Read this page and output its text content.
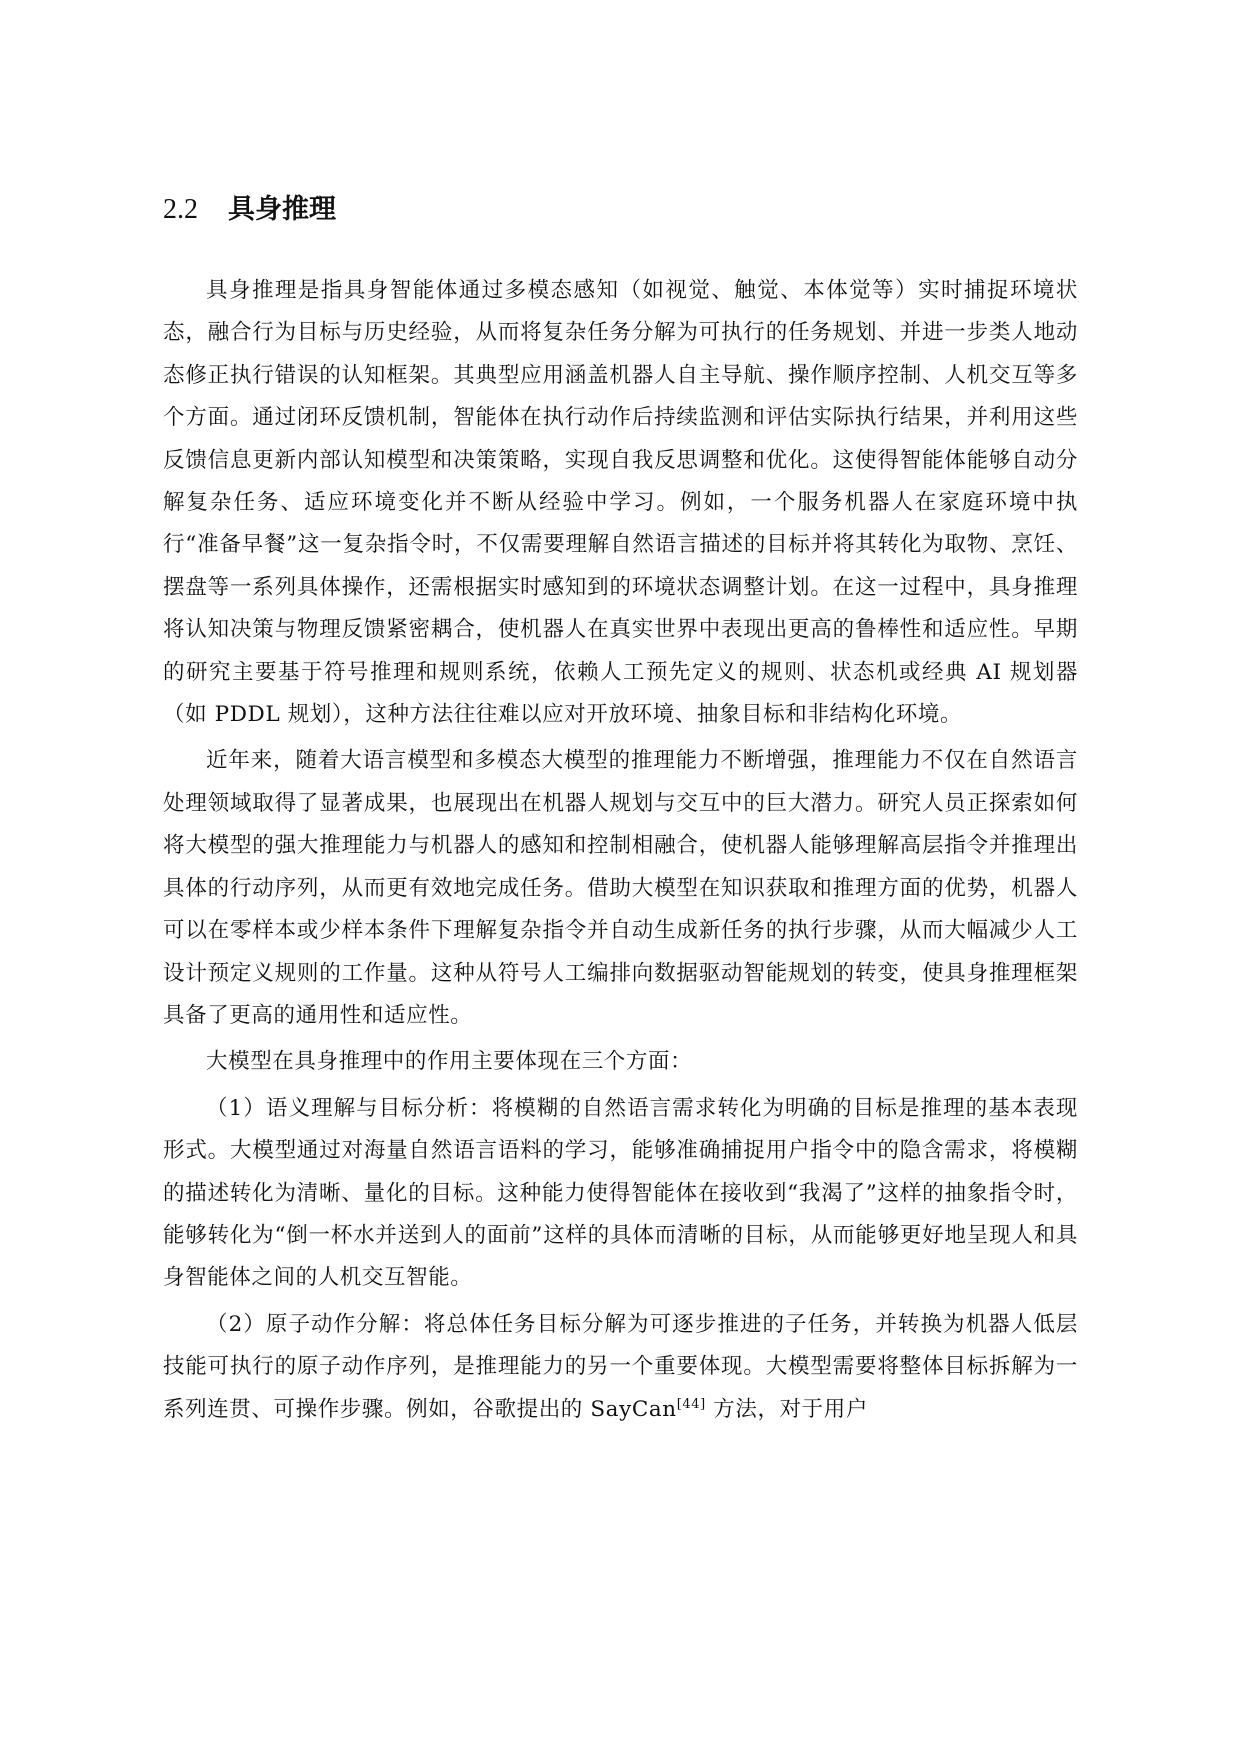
2.2 具身推理

具身推理是指具身智能体通过多模态感知（如视觉、触觉、本体觉等）实时捕捉环境状态，融合行为目标与历史经验，从而将复杂任务分解为可执行的任务规划、并进一步类人地动态修正执行错误的认知框架。其典型应用涵盖机器人自主导航、操作顺序控制、人机交互等多个方面。通过闭环反馈机制，智能体在执行动作后持续监测和评估实际执行结果，并利用这些反馈信息更新内部认知模型和决策策略，实现自我反思调整和优化。这使得智能体能够自动分解复杂任务、适应环境变化并不断从经验中学习。例如，一个服务机器人在家庭环境中执行“准备早餐”这一复杂指令时，不仅需要理解自然语言描述的目标并将其转化为取物、烹饪、摆盘等一系列具体操作，还需根据实时感知到的环境状态调整计划。在这一过程中，具身推理将认知决策与物理反馈紧密耦合，使机器人在真实世界中表现出更高的鲁棒性和适应性。早期的研究主要基于符号推理和规则系统，依赖人工预先定义的规则、状态机或经典 AI 规划器（如 PDDL 规划），这种方法往往难以应对开放环境、抽象目标和非结构化环境。

近年来，随着大语言模型和多模态大模型的推理能力不断增强，推理能力不仅在自然语言处理领域取得了显著成果，也展现出在机器人规划与交互中的巨大潜力。研究人员正探索如何将大模型的强大推理能力与机器人的感知和控制相融合，使机器人能够理解高层指令并推理出具体的行动序列，从而更有效地完成任务。借助大模型在知识获取和推理方面的优势，机器人可以在零样本或少样本条件下理解复杂指令并自动生成新任务的执行步骤，从而大幅减少人工设计预定义规则的工作量。这种从符号人工编排向数据驱动智能规划的转变，使具身推理框架具备了更高的通用性和适应性。

大模型在具身推理中的作用主要体现在三个方面：

（1）语义理解与目标分析：将模糊的自然语言需求转化为明确的目标是推理的基本表现形式。大模型通过对海量自然语言语料的学习，能够准确捕捉用户指令中的隐含需求，将模糊的描述转化为清晰、量化的目标。这种能力使得智能体在接收到“我渴了”这样的抽象指令时，能够转化为“倒一杯水并送到人的面前”这样的具体而清晰的目标，从而能够更好地呈现人和具身智能体之间的人机交互智能。

（2）原子动作分解：将总体任务目标分解为可逐步推进的子任务，并转换为机器人低层技能可执行的原子动作序列，是推理能力的另一个重要体现。大模型需要将整体目标拆解为一系列连贯、可操作步骤。例如，谷歌提出的 SayCan[44] 方法，对于用户
